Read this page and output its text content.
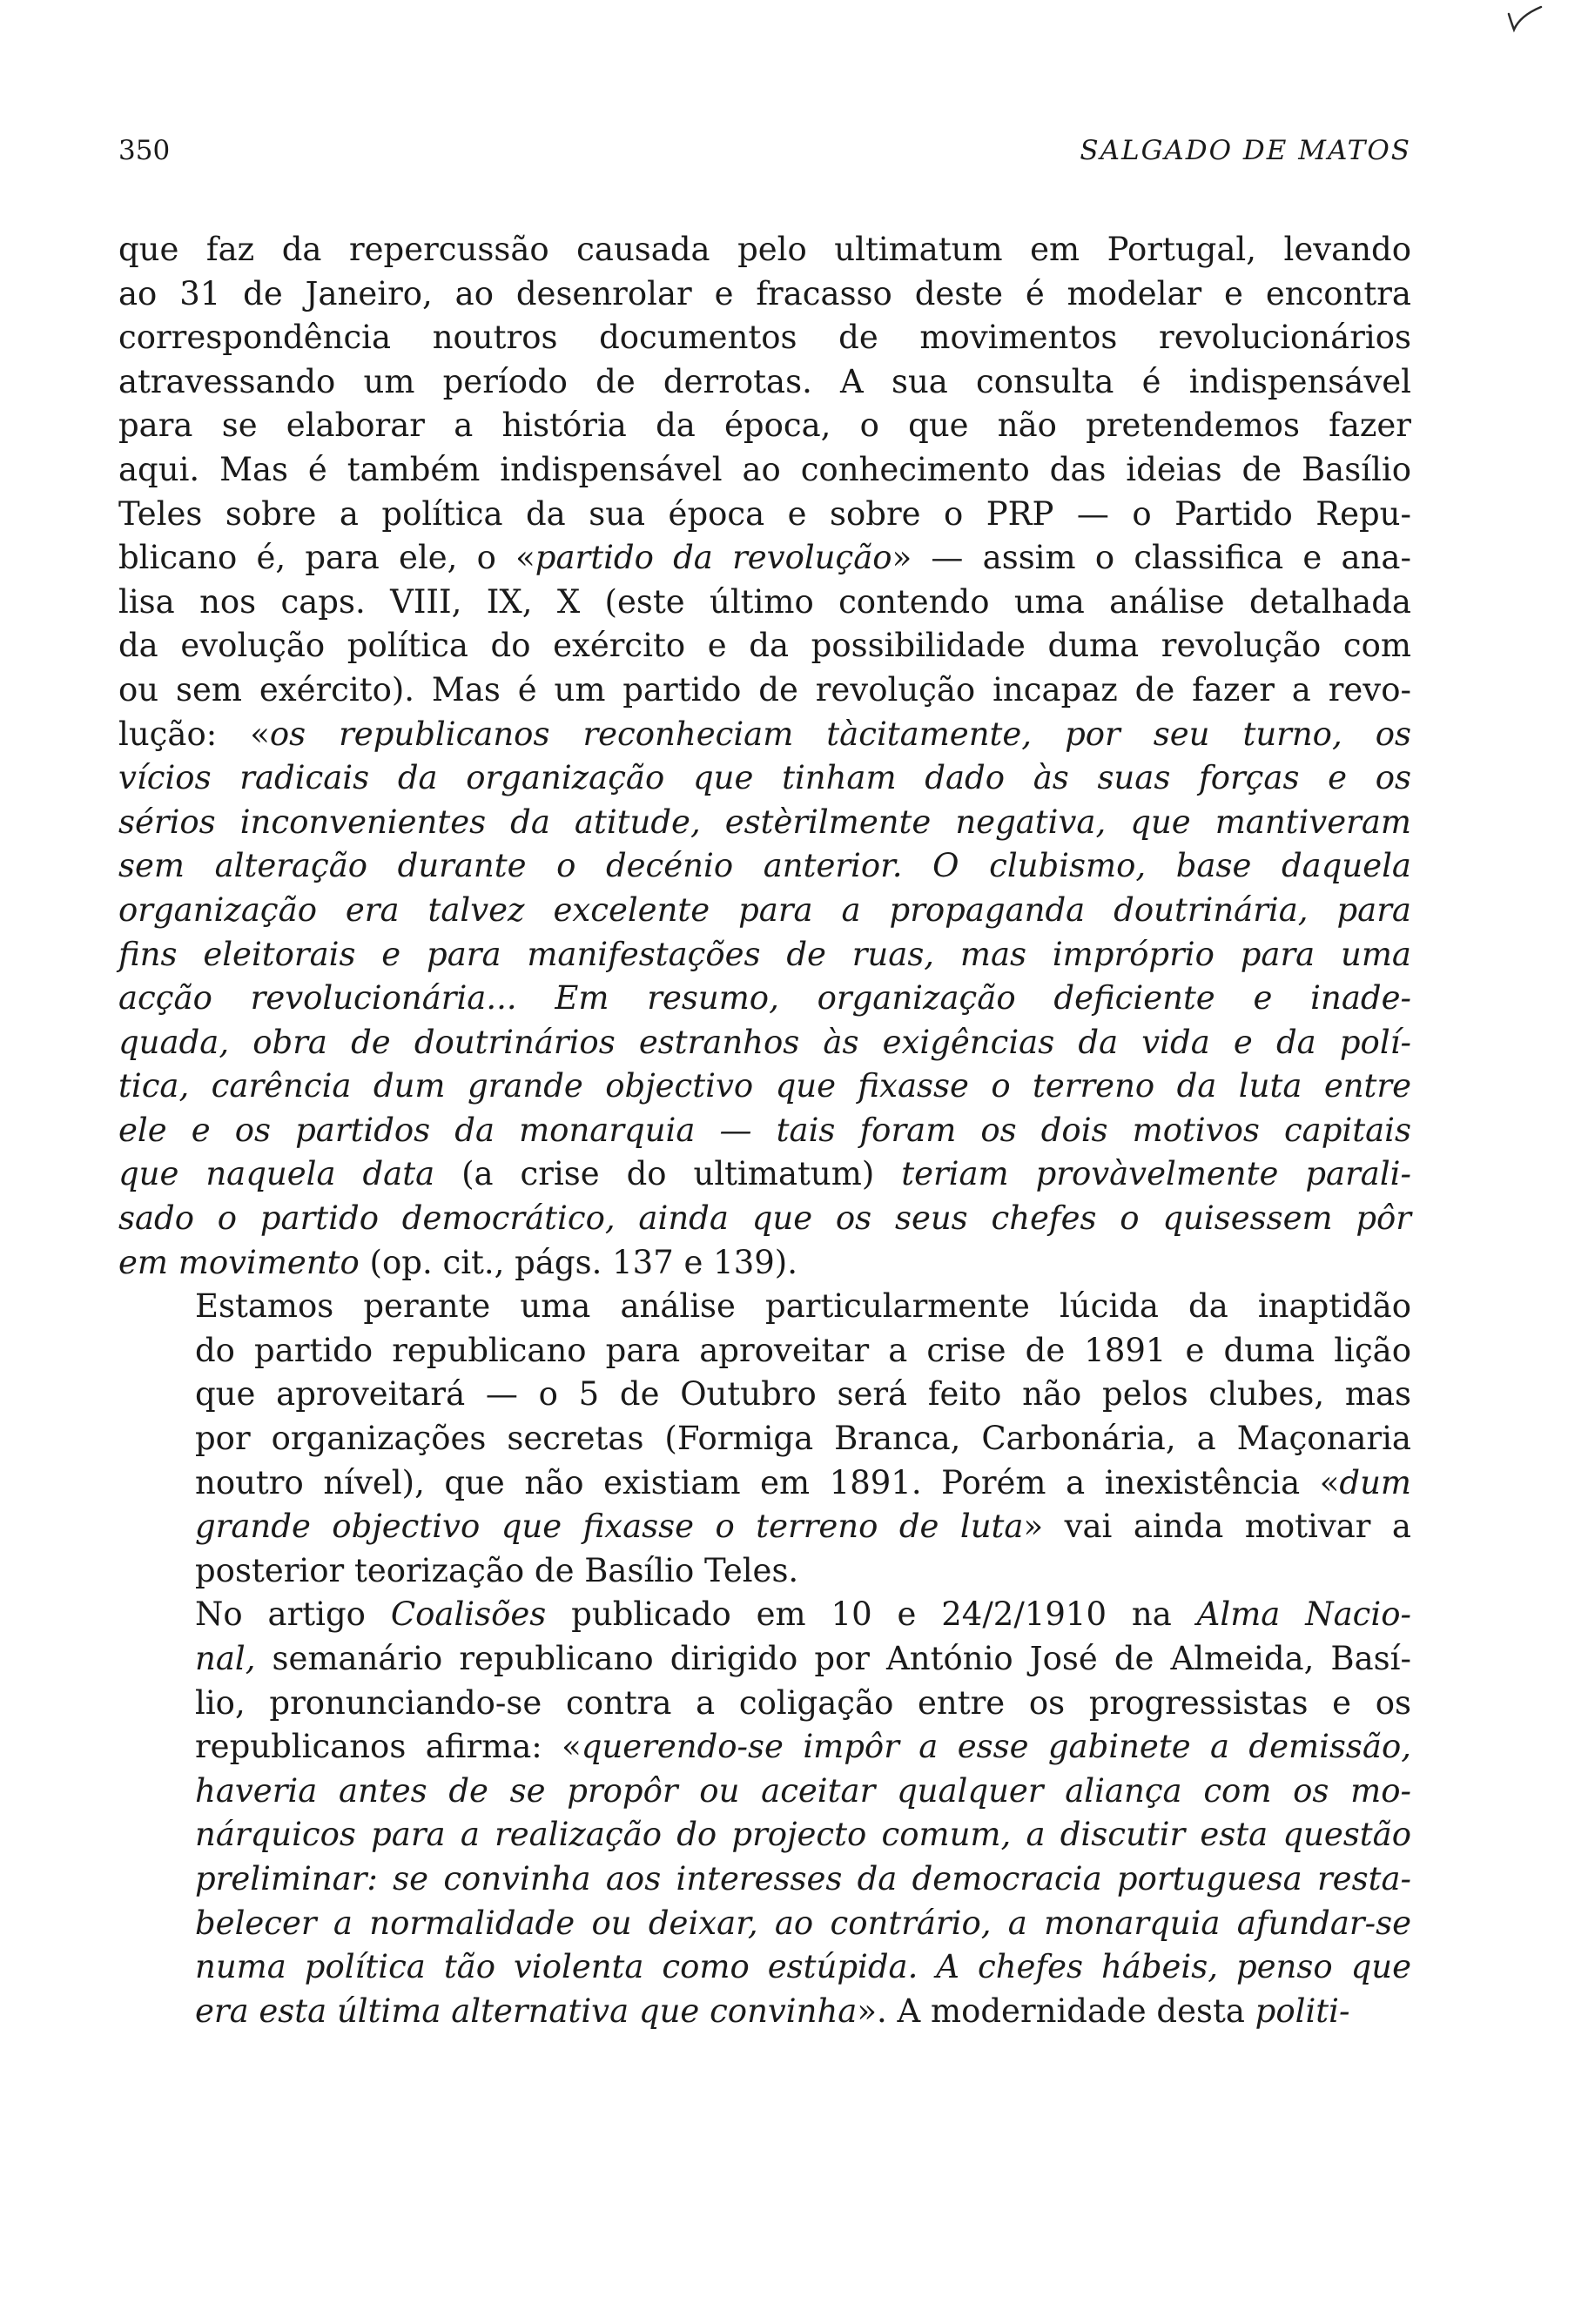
350	SALGADO DE MATOS

que faz da repercussão causada pelo ultimatum em Portugal, levando
ao 31 de Janeiro, ao desenrolar e fracasso deste é modelar e encontra
correspondência noutros documentos de movimentos revolucionários
atravessando um período de derrotas. A sua consulta é indispensável
para se elaborar a história da época, o que não pretendemos fazer
aqui. Mas é também indispensável ao conhecimento das ideias de Basílio
Teles sobre a política da sua época e sobre o PRP — o Partido Repu-
blicano é, para ele, o «partido da revolução» — assim o classifica e ana-
lisa nos caps. VIII, IX, X (este último contendo uma análise detalhada
da evolução política do exército e da possibilidade duma revolução com
ou sem exército). Mas é um partido de revolução incapaz de fazer a revo-
lução: «os republicanos reconheciam tàcitamente, por seu turno, os
vícios radicais da organização que tinham dado às suas forças e os
sérios inconvenientes da atitude, estèrilmente negativa, que mantiveram
sem alteração durante o decénio anterior. O clubismo, base daquela
organização era talvez excelente para a propaganda doutrinária, para
fins eleitorais e para manifestações de ruas, mas impróprio para uma
acção revolucionária... Em resumo, organização deficiente e inade-
quada, obra de doutrinários estranhos às exigências da vida e da polí-
tica, carência dum grande objectivo que fixasse o terreno da luta entre
ele e os partidos da monarquia — tais foram os dois motivos capitais
que naquela data (a crise do ultimatum) teriam provàvelmente parali-
sado o partido democrático, ainda que os seus chefes o quisessem pôr
em movimento (op. cit., págs. 137 e 139).

Estamos perante uma análise particularmente lúcida da inaptidão
do partido republicano para aproveitar a crise de 1891 e duma lição
que aproveitará — o 5 de Outubro será feito não pelos clubes, mas
por organizações secretas (Formiga Branca, Carbonária, a Maçonaria
noutro nível), que não existiam em 1891. Porém a inexistência «dum
grande objectivo que fixasse o terreno de luta» vai ainda motivar a
posterior teorização de Basílio Teles.

No artigo Coalisões publicado em 10 e 24/2/1910 na Alma Nacio-
nal, semanário republicano dirigido por António José de Almeida, Basí-
lio, pronunciando-se contra a coligação entre os progressistas e os
republicanos afirma: «querendo-se impôr a esse gabinete a demissão,
haveria antes de se propôr ou aceitar qualquer aliança com os mo-
nárquicos para a realização do projecto comum, a discutir esta questão
preliminar: se convinha aos interesses da democracia portuguesa resta-
belecer a normalidade ou deixar, ao contrário, a monarquia afundar-se
numa política tão violenta como estúpida. A chefes hábeis, penso que
era esta última alternativa que convinha». A modernidade desta politi-
